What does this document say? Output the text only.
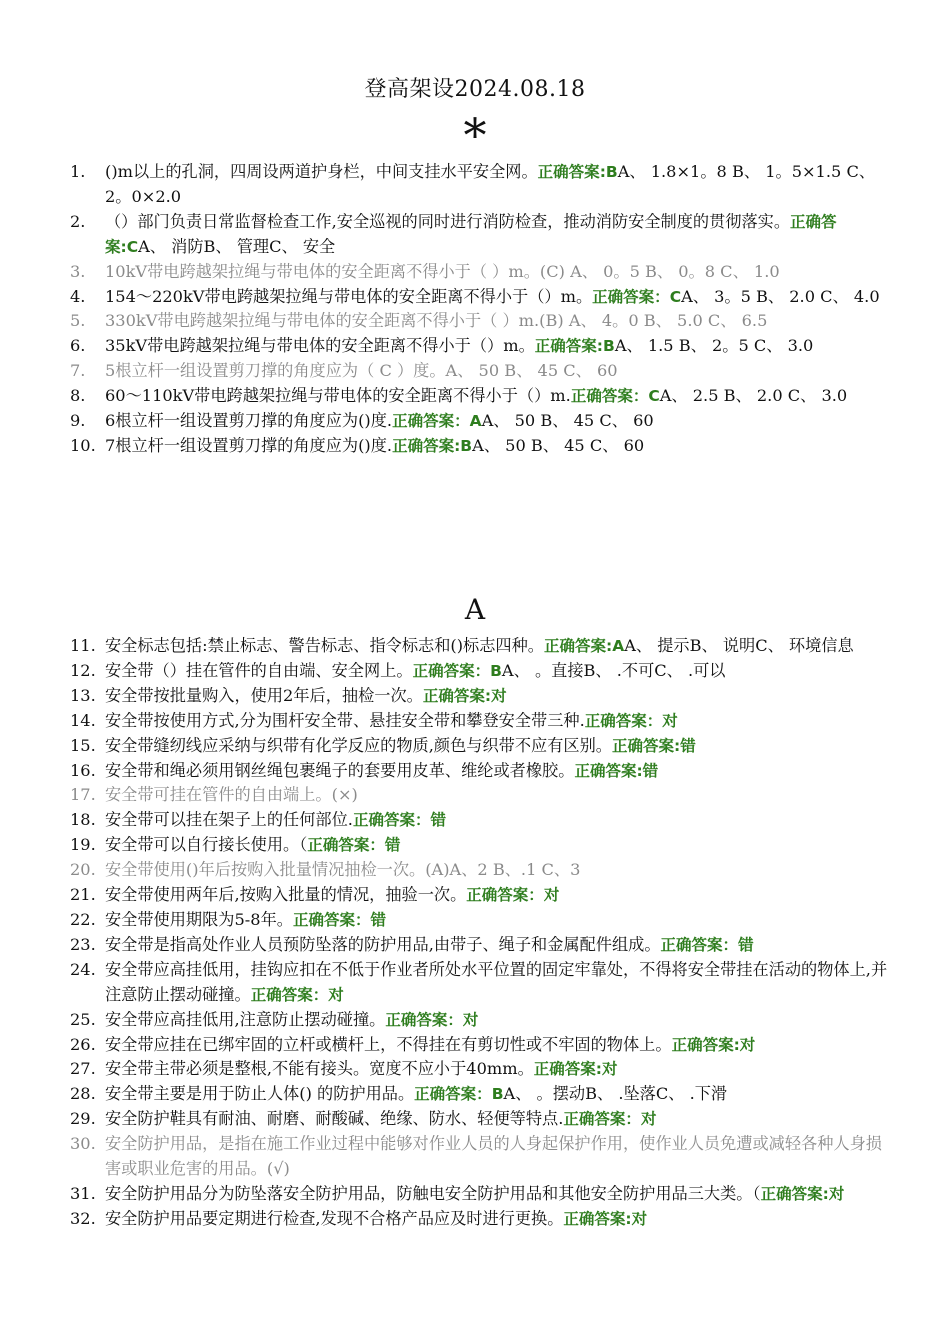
登高架设2024.08.18
*
1.	()m以上的孔洞，四周设两道护身栏，中间支挂水平安全网。正确答案:BA、 1.8×1。8 B、 1。5×1.5 C、 2。0×2.0
2.	（）部门负责日常监督检查工作,安全巡视的同时进行消防检查，推动消防安全制度的贯彻落实。正确答案:CA、 消防B、 管理C、 安全
3.	10kV带电跨越架拉绳与带电体的安全距离不得小于（ ）m。(C) A、 0。5 B、 0。8 C、 1.0
4.	154～220kV带电跨越架拉绳与带电体的安全距离不得小于（）m。正确答案：CA、 3。5 B、 2.0 C、 4.0
5.	330kV带电跨越架拉绳与带电体的安全距离不得小于（ ）m.(B) A、 4。0 B、 5.0 C、 6.5
6.	35kV带电跨越架拉绳与带电体的安全距离不得小于（）m。正确答案:BA、 1.5 B、 2。5 C、 3.0
7.	5根立杆一组设置剪刀撑的角度应为（ C ）度。A、 50 B、 45 C、 60
8.	60～110kV带电跨越架拉绳与带电体的安全距离不得小于（）m.正确答案：CA、 2.5 B、 2.0 C、 3.0
9.	6根立杆一组设置剪刀撑的角度应为()度.正确答案：AA、 50 B、 45 C、 60
10. 7根立杆一组设置剪刀撑的角度应为()度.正确答案:BA、 50 B、 45 C、 60
A
11. 安全标志包括:禁止标志、警告标志、指令标志和()标志四种。正确答案:AA、 提示B、 说明C、 环境信息
12. 安全带（）挂在管件的自由端、安全网上。正确答案：BA、 。直接B、 .不可C、 .可以
13. 安全带按批量购入，使用2年后，抽检一次。正确答案:对
14. 安全带按使用方式,分为围杆安全带、悬挂安全带和攀登安全带三种.正确答案：对
15. 安全带缝纫线应采纳与织带有化学反应的物质,颜色与织带不应有区别。正确答案:错
16. 安全带和绳必须用钢丝绳包裹绳子的套要用皮革、维纶或者橡胶。正确答案:错
17. 安全带可挂在管件的自由端上。(×)
18. 安全带可以挂在架子上的任何部位.正确答案：错
19. 安全带可以自行接长使用。（正确答案：错
20. 安全带使用()年后按购入批量情况抽检一次。(A)A、2 B、.1 C、3
21. 安全带使用两年后,按购入批量的情况，抽验一次。正确答案：对
22. 安全带使用期限为5-8年。正确答案：错
23. 安全带是指高处作业人员预防坠落的防护用品,由带子、绳子和金属配件组成。正确答案：错
24. 安全带应高挂低用，挂钩应扣在不低于作业者所处水平位置的固定牢靠处，不得将安全带挂在活动的物体上,并注意防止摆动碰撞。正确答案：对
25. 安全带应高挂低用,注意防止摆动碰撞。正确答案：对
26. 安全带应挂在已绑牢固的立杆或横杆上，不得挂在有剪切性或不牢固的物体上。正确答案:对
27. 安全带主带必须是整根,不能有接头。宽度不应小于40mm。正确答案:对
28. 安全带主要是用于防止人体() 的防护用品。正确答案：BA、 。摆动B、 .坠落C、 .下滑
29. 安全防护鞋具有耐油、耐磨、耐酸碱、绝缘、防水、轻便等特点.正确答案：对
30. 安全防护用品，是指在施工作业过程中能够对作业人员的人身起保护作用，使作业人员免遭或减轻各种人身损害或职业危害的用品。(√)
31. 安全防护用品分为防坠落安全防护用品，防触电安全防护用品和其他安全防护用品三大类。（正确答案:对
32. 安全防护用品要定期进行检查,发现不合格产品应及时进行更换。正确答案:对
